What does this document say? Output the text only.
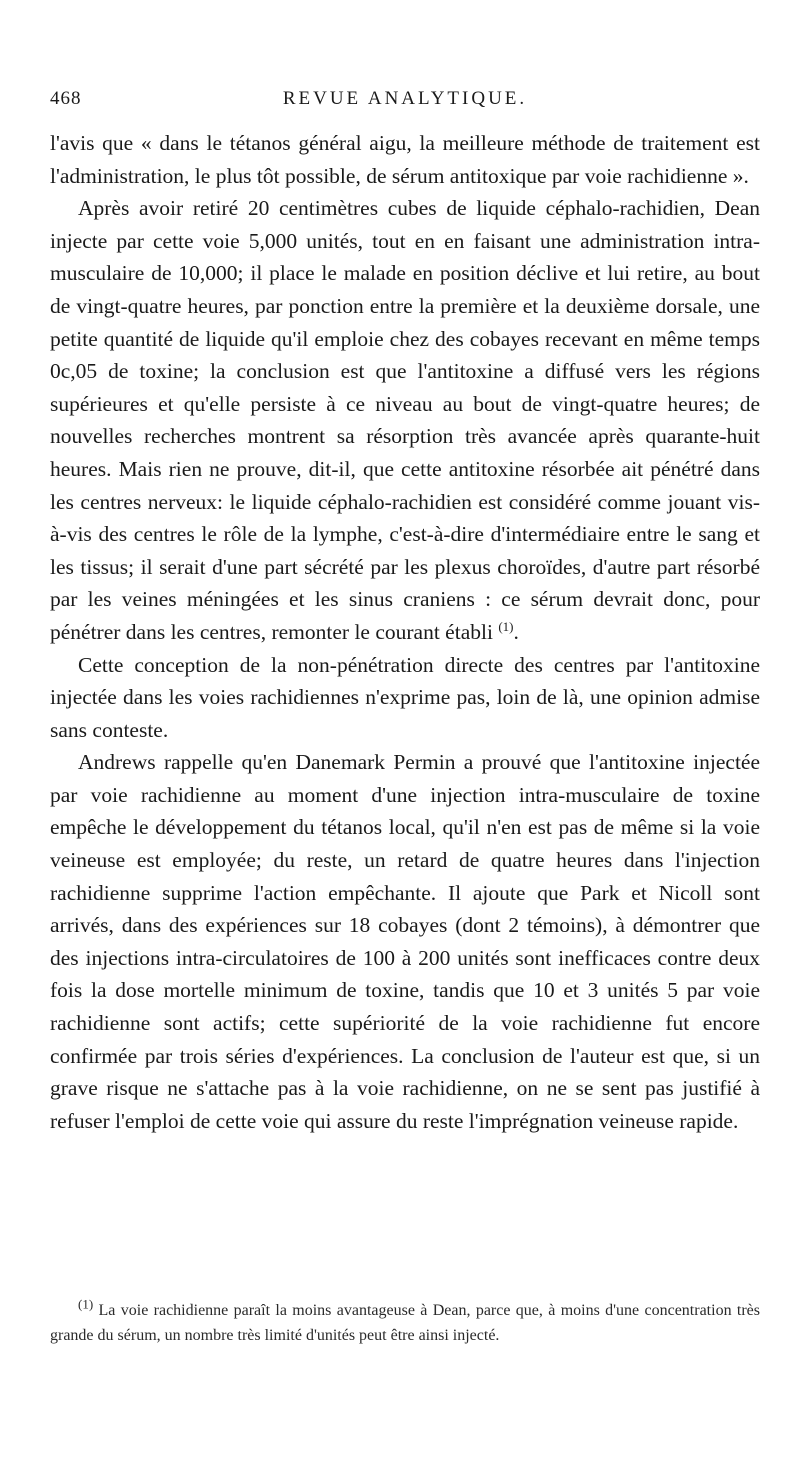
468	REVUE ANALYTIQUE.

l'avis que « dans le tétanos général aigu, la meilleure méthode de traitement est l'administration, le plus tôt possible, de sérum antitoxique par voie rachidienne ».

Après avoir retiré 20 centimètres cubes de liquide céphalo-rachidien, Dean injecte par cette voie 5,000 unités, tout en en faisant une administration intra-musculaire de 10,000; il place le malade en position déclive et lui retire, au bout de vingt-quatre heures, par ponction entre la première et la deuxième dorsale, une petite quantité de liquide qu'il emploie chez des cobayes recevant en même temps 0c,05 de toxine; la conclusion est que l'antitoxine a diffusé vers les régions supérieures et qu'elle persiste à ce niveau au bout de vingt-quatre heures; de nouvelles recherches montrent sa résorption très avancée après quarante-huit heures. Mais rien ne prouve, dit-il, que cette antitoxine résorbée ait pénétré dans les centres nerveux: le liquide céphalo-rachidien est considéré comme jouant vis-à-vis des centres le rôle de la lymphe, c'est-à-dire d'intermédiaire entre le sang et les tissus; il serait d'une part sécrété par les plexus choroïdes, d'autre part résorbé par les veines méningées et les sinus craniens : ce sérum devrait donc, pour pénétrer dans les centres, remonter le courant établi $^{(1)}$.

Cette conception de la non-pénétration directe des centres par l'antitoxine injectée dans les voies rachidiennes n'exprime pas, loin de là, une opinion admise sans conteste.

Andrews rappelle qu'en Danemark Permin a prouvé que l'antitoxine injectée par voie rachidienne au moment d'une injection intra-musculaire de toxine empêche le développement du tétanos local, qu'il n'en est pas de même si la voie veineuse est employée; du reste, un retard de quatre heures dans l'injection rachidienne supprime l'action empêchante. Il ajoute que Park et Nicoll sont arrivés, dans des expériences sur 18 cobayes (dont 2 témoins), à démontrer que des injections intra-circulatoires de 100 à 200 unités sont inefficaces contre deux fois la dose mortelle minimum de toxine, tandis que 10 et 3 unités 5 par voie rachidienne sont actifs; cette supériorité de la voie rachidienne fut encore confirmée par trois séries d'expériences. La conclusion de l'auteur est que, si un grave risque ne s'attache pas à la voie rachidienne, on ne se sent pas justifié à refuser l'emploi de cette voie qui assure du reste l'imprégnation veineuse rapide.

$^{(1)}$ La voie rachidienne paraît la moins avantageuse à Dean, parce que, à moins d'une concentration très grande du sérum, un nombre très limité d'unités peut être ainsi injecté.
